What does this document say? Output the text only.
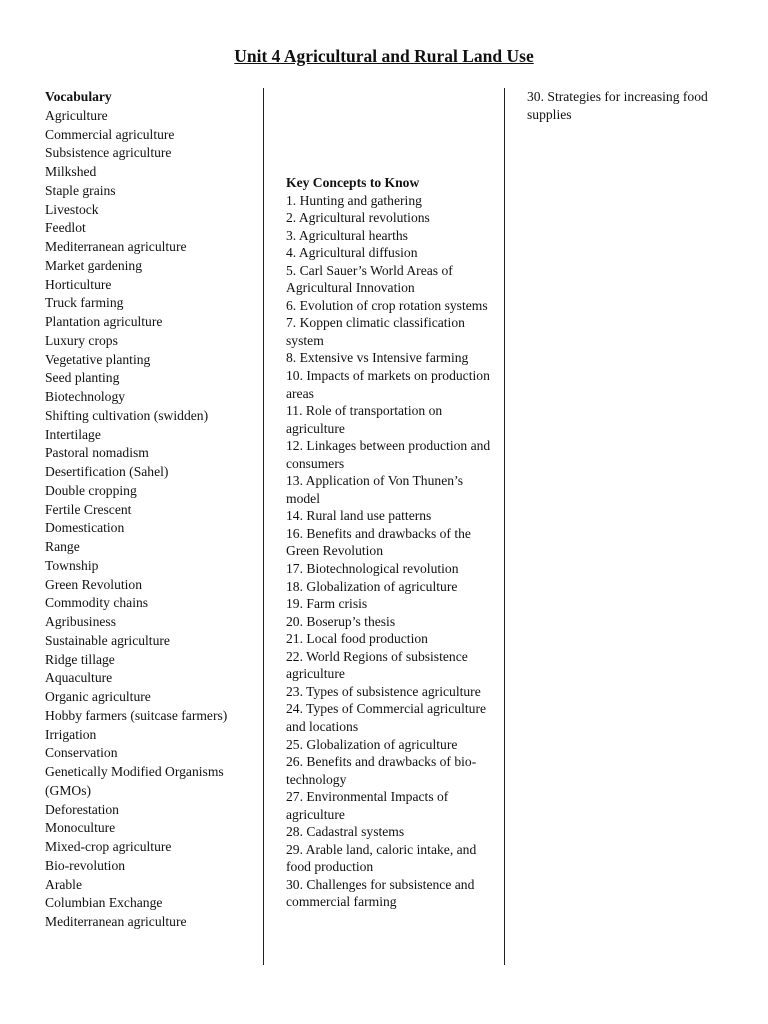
Unit 4 Agricultural and Rural Land Use
Vocabulary
Agriculture
Commercial agriculture
Subsistence agriculture
Milkshed
Staple grains
Livestock
Feedlot
Mediterranean agriculture
Market gardening
Horticulture
Truck farming
Plantation agriculture
Luxury crops
Vegetative planting
Seed planting
Biotechnology
Shifting cultivation (swidden)
Intertilage
Pastoral nomadism
Desertification (Sahel)
Double cropping
Fertile Crescent
Domestication
Range
Township
Green Revolution
Commodity chains
Agribusiness
Sustainable agriculture
Ridge tillage
Aquaculture
Organic agriculture
Hobby farmers (suitcase farmers)
Irrigation
Conservation
Genetically Modified Organisms (GMOs)
Deforestation
Monoculture
Mixed-crop agriculture
Bio-revolution
Arable
Columbian Exchange
Mediterranean agriculture
Key Concepts to Know
1. Hunting and gathering
2. Agricultural revolutions
3. Agricultural hearths
4. Agricultural diffusion
5. Carl Sauer’s World Areas of Agricultural Innovation
6. Evolution of crop rotation systems
7. Koppen climatic classification system
8. Extensive vs Intensive farming
10. Impacts of markets on production areas
11. Role of transportation on agriculture
12. Linkages between production and consumers
13. Application of Von Thunen’s model
14. Rural land use patterns
16. Benefits and drawbacks of the Green Revolution
17. Biotechnological revolution
18. Globalization of agriculture
19. Farm crisis
20. Boserup’s thesis
21. Local food production
22. World Regions of subsistence agriculture
23. Types of subsistence agriculture
24. Types of Commercial agriculture and locations
25. Globalization of agriculture
26. Benefits and drawbacks of bio-technology
27. Environmental Impacts of agriculture
28. Cadastral systems
29. Arable land, caloric intake, and food production
30. Challenges for subsistence and commercial farming
30. Strategies for increasing food supplies
